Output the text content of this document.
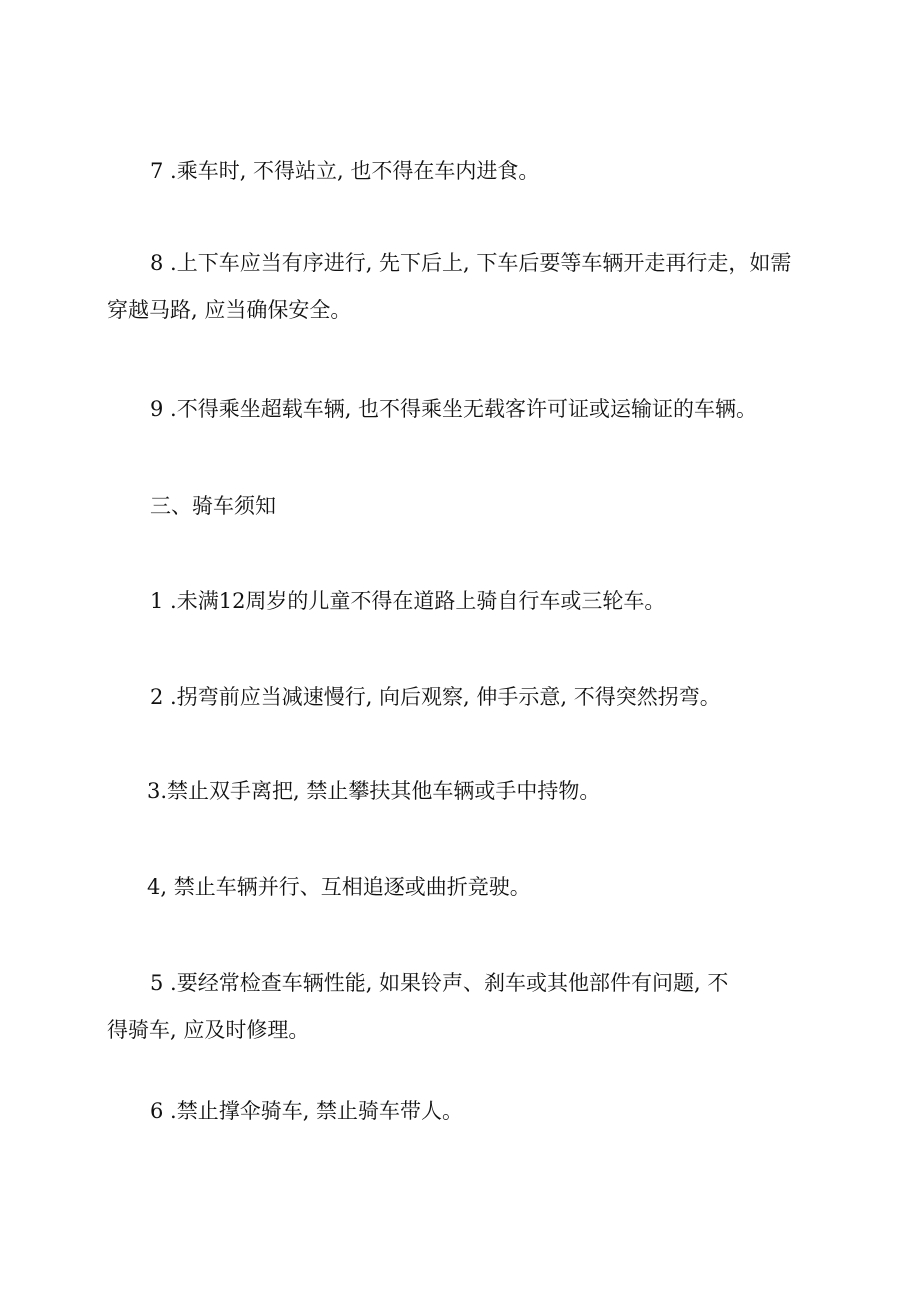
7 .乘车时, 不得站立, 也不得在车内进食。

8 .上下车应当有序进行, 先下后上, 下车后要等车辆开走再行走，如需
穿越马路, 应当确保安全。

9 .不得乘坐超载车辆, 也不得乘坐无载客许可证或运输证的车辆。

三、骑车须知

1 .未满12周岁的儿童不得在道路上骑自行车或三轮车。

2 .拐弯前应当减速慢行, 向后观察, 伸手示意, 不得突然拐弯。

3.禁止双手离把, 禁止攀扶其他车辆或手中持物。

4, 禁止车辆并行、互相追逐或曲折竞驶。

5 .要经常检查车辆性能, 如果铃声、刹车或其他部件有问题, 不
得骑车, 应及时修理。

6 .禁止撑伞骑车, 禁止骑车带人。
